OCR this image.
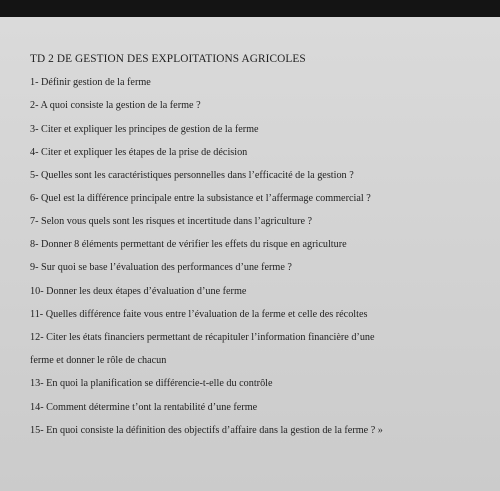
TD 2 DE GESTION DES EXPLOITATIONS AGRICOLES
1- Définir gestion de la ferme
2- A quoi consiste la gestion de la ferme ?
3- Citer et expliquer les principes de gestion de la ferme
4- Citer et expliquer les étapes de la prise de décision
5- Quelles sont les caractéristiques personnelles dans l’efficacité de la gestion ?
6- Quel est la différence principale entre la subsistance et l’affermage commercial ?
7- Selon vous quels sont les risques et incertitude dans l’agriculture ?
8- Donner 8 éléments permettant de vérifier les effets du risque en agriculture
9- Sur quoi se base l’évaluation des performances d’une ferme ?
10- Donner les deux étapes d’évaluation d’une ferme
11- Quelles différence faite vous entre l’évaluation de la ferme et celle des récoltes
12- Citer les états financiers permettant de récapituler l’information financière d’une
ferme et donner le rôle de chacun
13- En quoi la planification se différencie-t-elle du contrôle
14- Comment détermine t’ont la rentabilité d’une ferme
15- En quoi consiste la définition des objectifs d’affaire dans la gestion de la ferme ? »
